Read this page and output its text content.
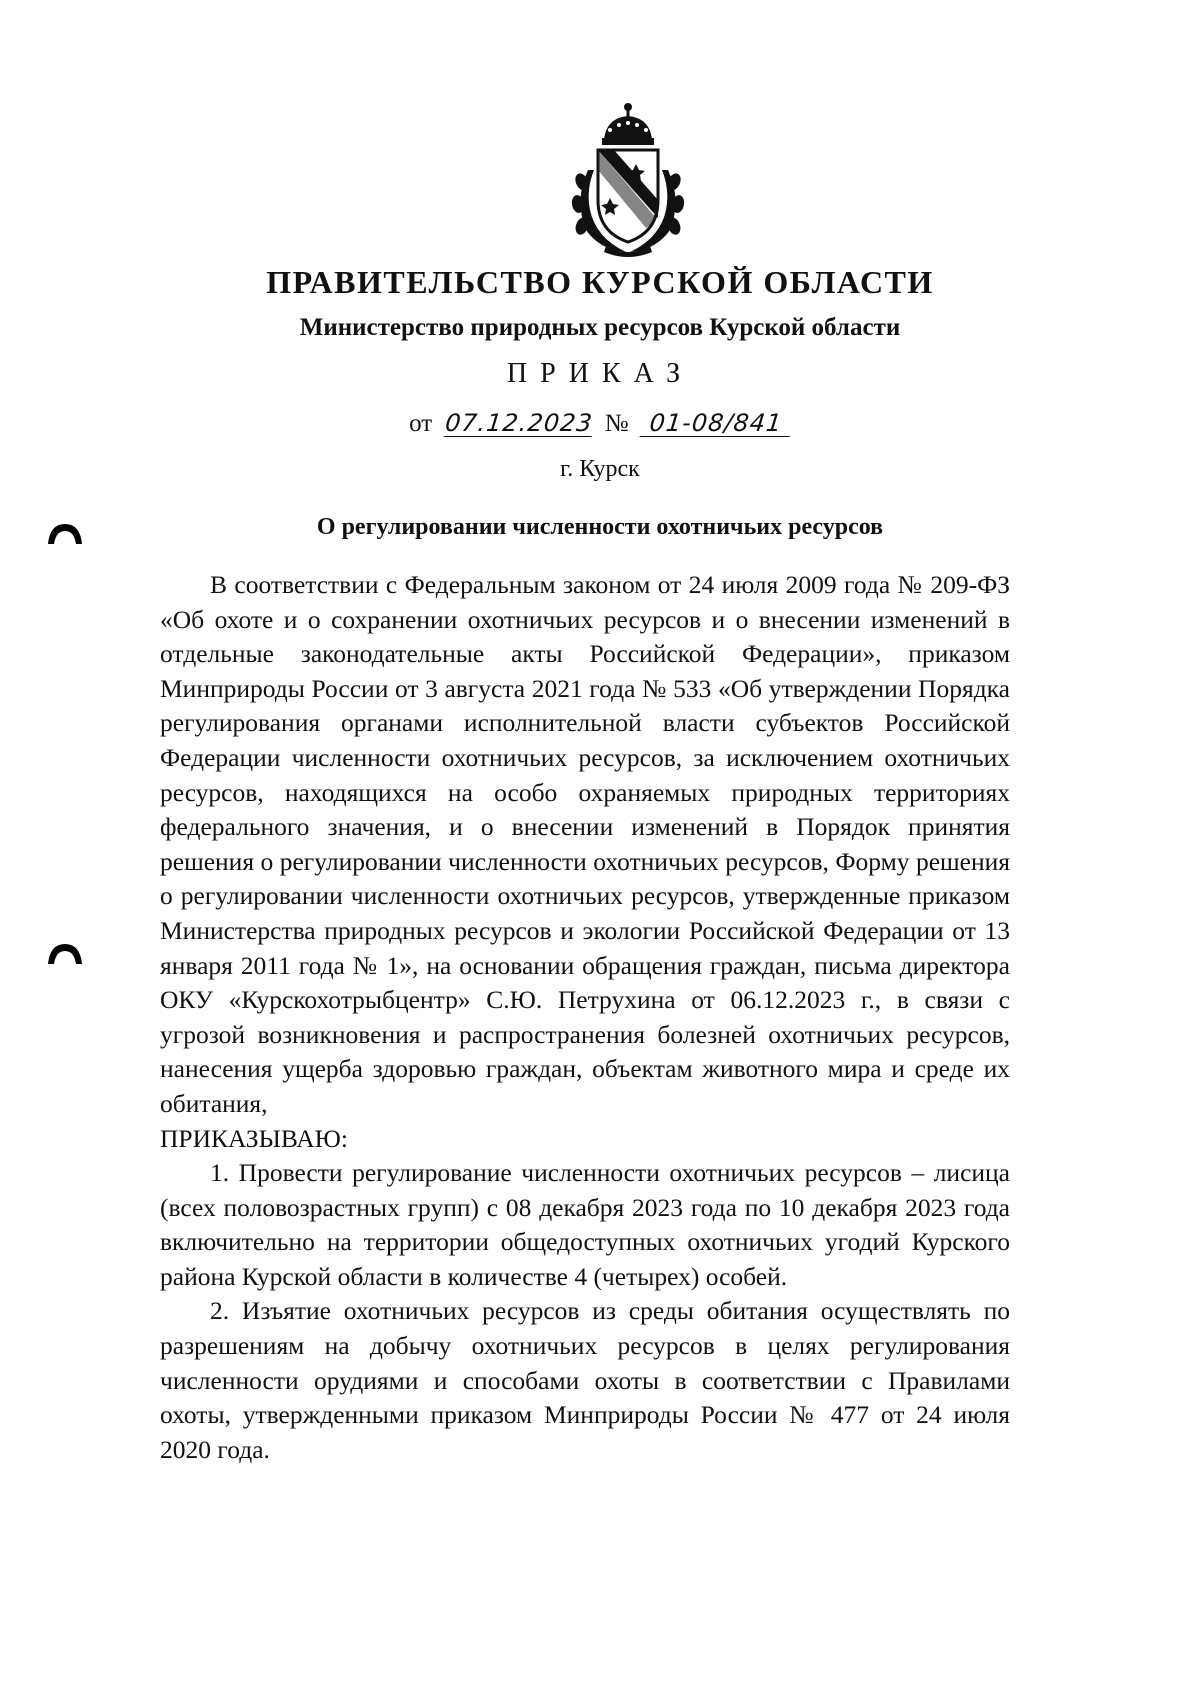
ПРАВИТЕЛЬСТВО КУРСКОЙ ОБЛАСТИ
Министерство природных ресурсов Курской области
ПРИКАЗ
от 07.12.2023 № 01-08/841
г. Курск
О регулировании численности охотничьих ресурсов

В соответствии с Федеральным законом от 24 июля 2009 года № 209-ФЗ «Об охоте и о сохранении охотничьих ресурсов и о внесении изменений в отдельные законодательные акты Российской Федерации», приказом Минприроды России от 3 августа 2021 года № 533 «Об утверждении Порядка регулирования органами исполнительной власти субъектов Российской Федерации численности охотничьих ресурсов, за исключением охотничьих ресурсов, находящихся на особо охраняемых природных территориях федерального значения, и о внесении изменений в Порядок принятия решения о регулировании численности охотничьих ресурсов, Форму решения о регулировании численности охотничьих ресурсов, утвержденные приказом Министерства природных ресурсов и экологии Российской Федерации от 13 января 2011 года № 1», на основании обращения граждан, письма директора ОКУ «Курскохотрыбцентр» С.Ю. Петрухина от 06.12.2023 г., в связи с угрозой возникновения и распространения болезней охотничьих ресурсов, нанесения ущерба здоровью граждан, объектам животного мира и среде их обитания,

ПРИКАЗЫВАЮ:

1. Провести регулирование численности охотничьих ресурсов – лисица (всех половозрастных групп) с 08 декабря 2023 года по 10 декабря 2023 года включительно на территории общедоступных охотничьих угодий Курского района Курской области в количестве 4 (четырех) особей.

2. Изъятие охотничьих ресурсов из среды обитания осуществлять по разрешениям на добычу охотничьих ресурсов в целях регулирования численности орудиями и способами охоты в соответствии с Правилами охоты, утвержденными приказом Минприроды России № 477 от 24 июля 2020 года.
